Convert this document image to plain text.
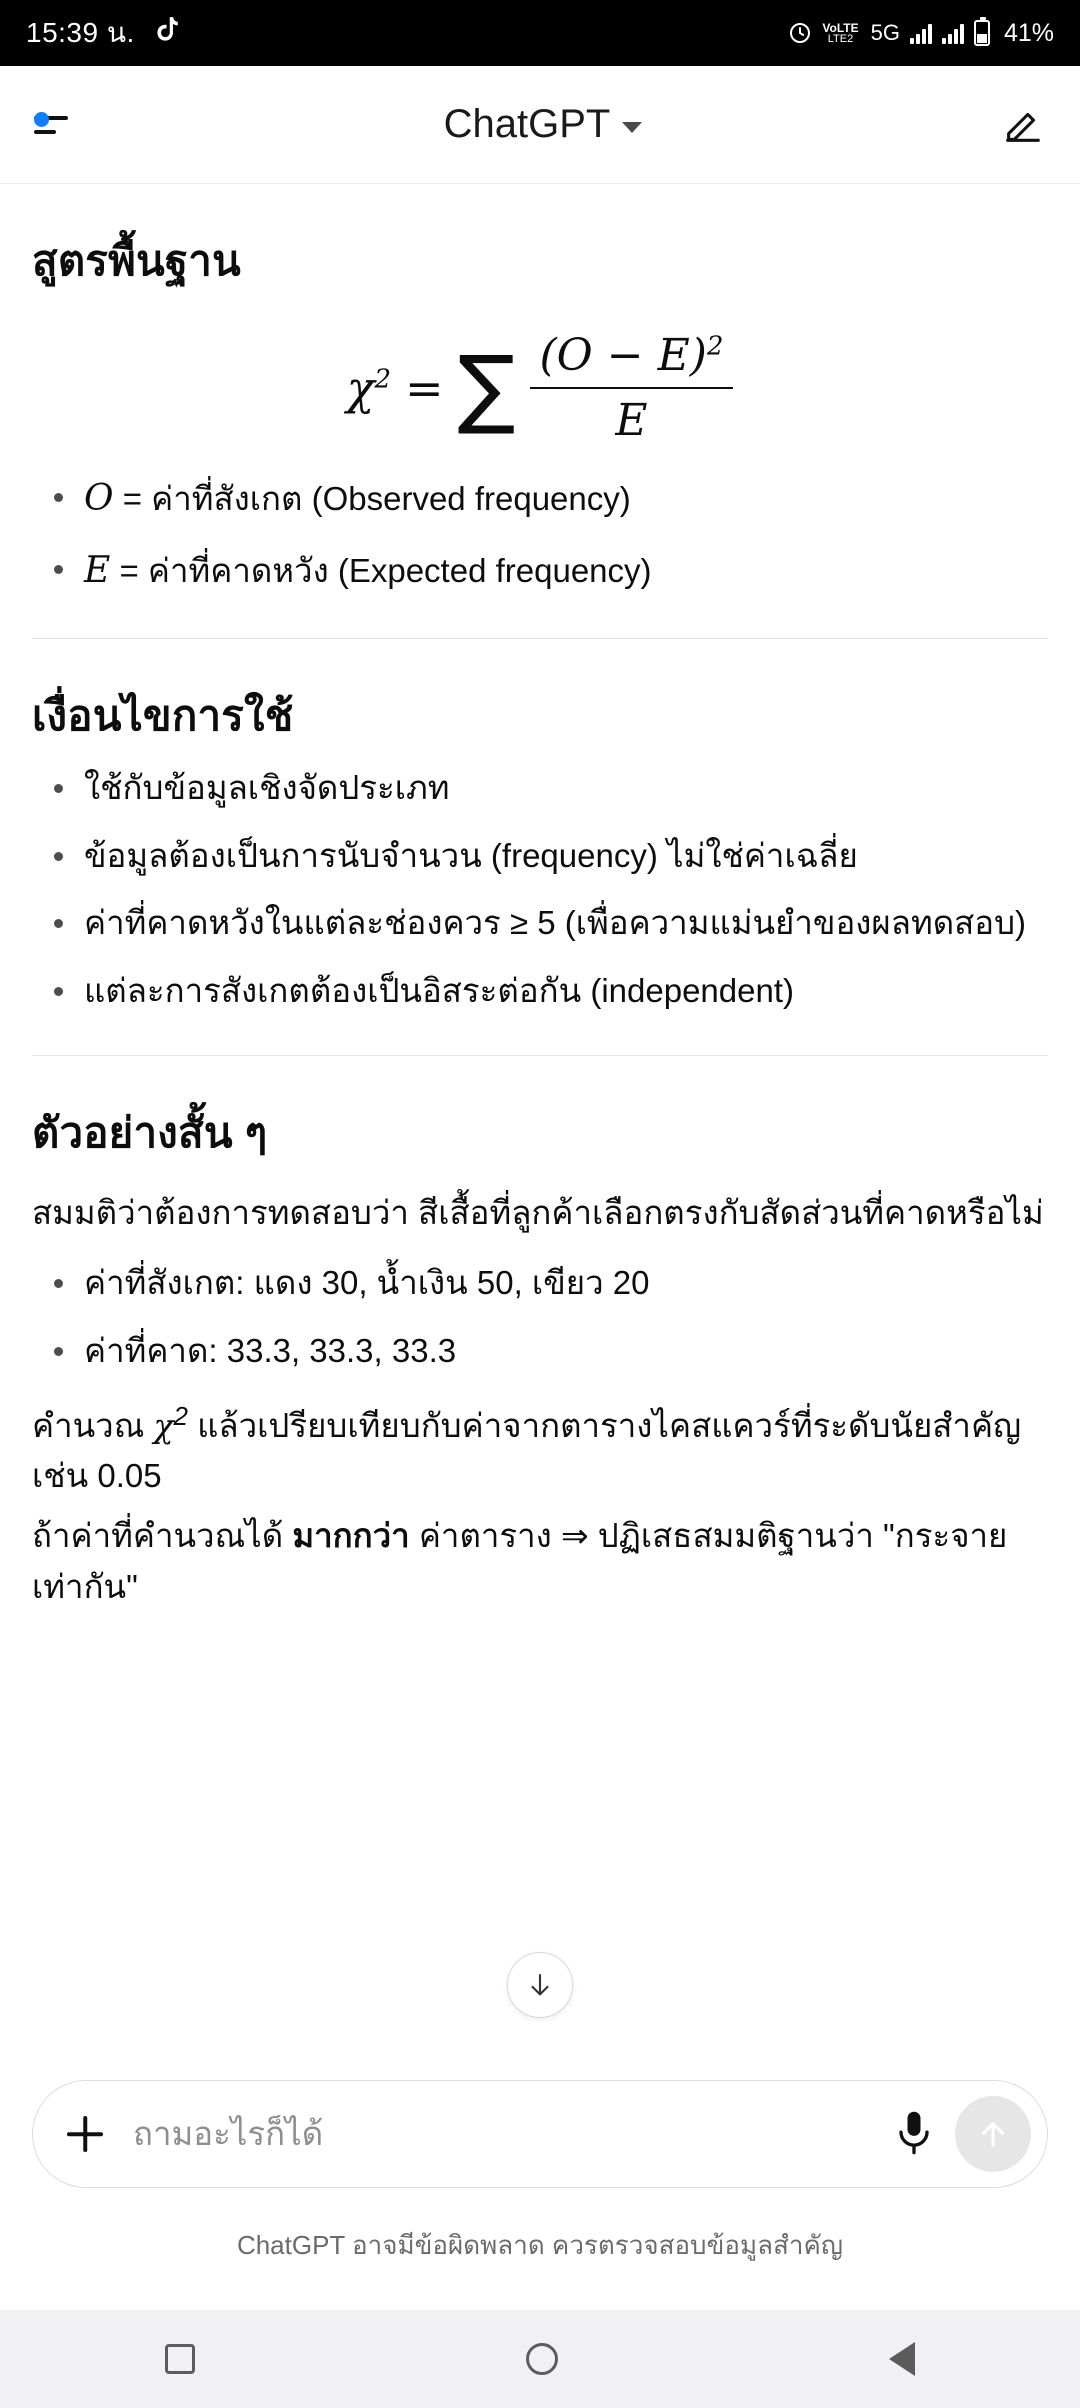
15:39 น.	VoLTE
LTE2 5G	41%
ChatGPT
สูตรพื้นฐาน
$\chi^2$ = ∑ $\frac{(O - E)^2}{E}$
O = ค่าที่สังเกต (Observed frequency)
E = ค่าที่คาดหวัง (Expected frequency)
เงื่อนไขการใช้
ใช้กับข้อมูลเชิงจัดประเภท
ข้อมูลต้องเป็นการนับจำนวน (frequency) ไม่ใช่ค่าเฉลี่ย
ค่าที่คาดหวังในแต่ละช่องควร ≥ 5 (เพื่อความแม่นยำของผลทดสอบ)
แต่ละการสังเกตต้องเป็นอิสระต่อกัน (independent)
ตัวอย่างสั้น ๆ

สมมติว่าต้องการทดสอบว่า สีเสื้อที่ลูกค้าเลือกตรงกับสัดส่วนที่คาดหรือไม่

ค่าที่สังเกต: แดง 30, น้ำเงิน 50, เขียว 20
ค่าที่คาด: 33.3, 33.3, 33.3

คำนวณ $\chi^2$ แล้วเปรียบเทียบกับค่าจากตารางไคสแควร์ที่ระดับนัยสำคัญ เช่น 0.05

ถ้าค่าที่คำนวณได้ มากกว่า ค่าตาราง ⇒ ปฏิเสธสมมติฐานว่า "กระจายเท่ากัน"

ถามอะไรก็ได้
ChatGPT อาจมีข้อผิดพลาด ควรตรวจสอบข้อมูลสำคัญ
